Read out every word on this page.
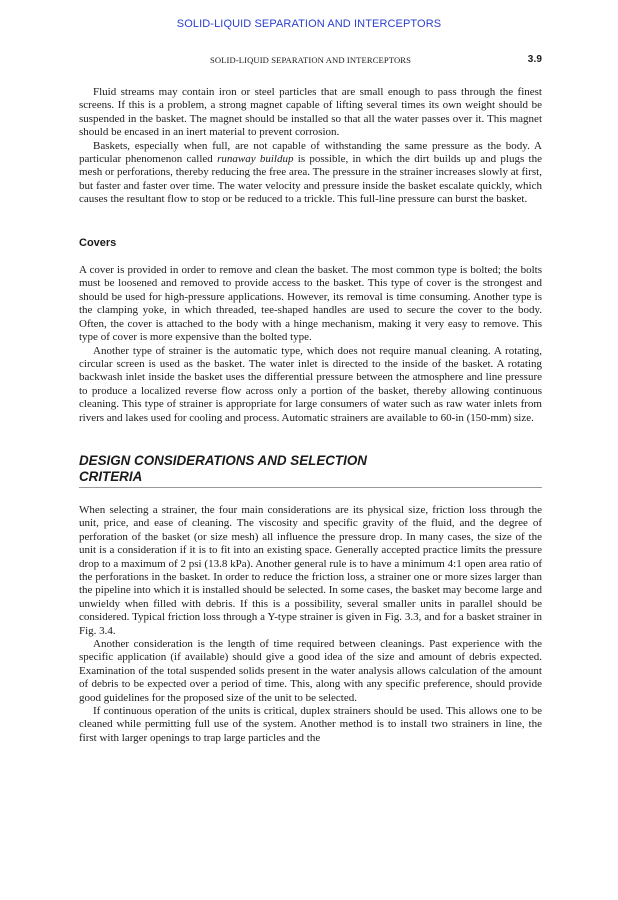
SOLID-LIQUID SEPARATION AND INTERCEPTORS
SOLID-LIQUID SEPARATION AND INTERCEPTORS	3.9

Fluid streams may contain iron or steel particles that are small enough to pass through the finest screens. If this is a problem, a strong magnet capable of lifting several times its own weight should be suspended in the basket. The magnet should be installed so that all the water passes over it. This magnet should be encased in an inert material to prevent corrosion.

Baskets, especially when full, are not capable of withstanding the same pressure as the body. A particular phenomenon called runaway buildup is possible, in which the dirt builds up and plugs the mesh or perforations, thereby reducing the free area. The pressure in the strainer increases slowly at first, but faster and faster over time. The water velocity and pressure inside the basket escalate quickly, which causes the resultant flow to stop or be reduced to a trickle. This full-line pressure can burst the basket.

Covers

A cover is provided in order to remove and clean the basket. The most common type is bolted; the bolts must be loosened and removed to provide access to the basket. This type of cover is the strongest and should be used for high-pressure applications. However, its removal is time consuming. Another type is the clamping yoke, in which threaded, tee-shaped handles are used to secure the cover to the body. Often, the cover is attached to the body with a hinge mechanism, making it very easy to remove. This type of cover is more expensive than the bolted type.

Another type of strainer is the automatic type, which does not require manual cleaning. A rotating, circular screen is used as the basket. The water inlet is directed to the inside of the basket. A rotating backwash inlet inside the basket uses the differential pressure between the atmosphere and line pressure to produce a localized reverse flow across only a portion of the basket, thereby allowing continuous cleaning. This type of strainer is appropriate for large consumers of water such as raw water inlets from rivers and lakes used for cooling and process. Automatic strainers are available to 60-in (150-mm) size.

DESIGN CONSIDERATIONS AND SELECTION
CRITERIA

When selecting a strainer, the four main considerations are its physical size, friction loss through the unit, price, and ease of cleaning. The viscosity and specific gravity of the fluid, and the degree of perforation of the basket (or size mesh) all influence the pressure drop. In many cases, the size of the unit is a consideration if it is to fit into an existing space. Generally accepted practice limits the pressure drop to a maximum of 2 psi (13.8 kPa). Another general rule is to have a minimum 4:1 open area ratio of the perforations in the basket. In order to reduce the friction loss, a strainer one or more sizes larger than the pipeline into which it is installed should be selected. In some cases, the basket may become large and unwieldy when filled with debris. If this is a possibility, several smaller units in parallel should be considered. Typical friction loss through a Y-type strainer is given in Fig. 3.3, and for a basket strainer in Fig. 3.4.

Another consideration is the length of time required between cleanings. Past experience with the specific application (if available) should give a good idea of the size and amount of debris expected. Examination of the total suspended solids present in the water analysis allows calculation of the amount of debris to be expected over a period of time. This, along with any specific preference, should provide good guidelines for the proposed size of the unit to be selected.

If continuous operation of the units is critical, duplex strainers should be used. This allows one to be cleaned while permitting full use of the system. Another method is to install two strainers in line, the first with larger openings to trap large particles and the
